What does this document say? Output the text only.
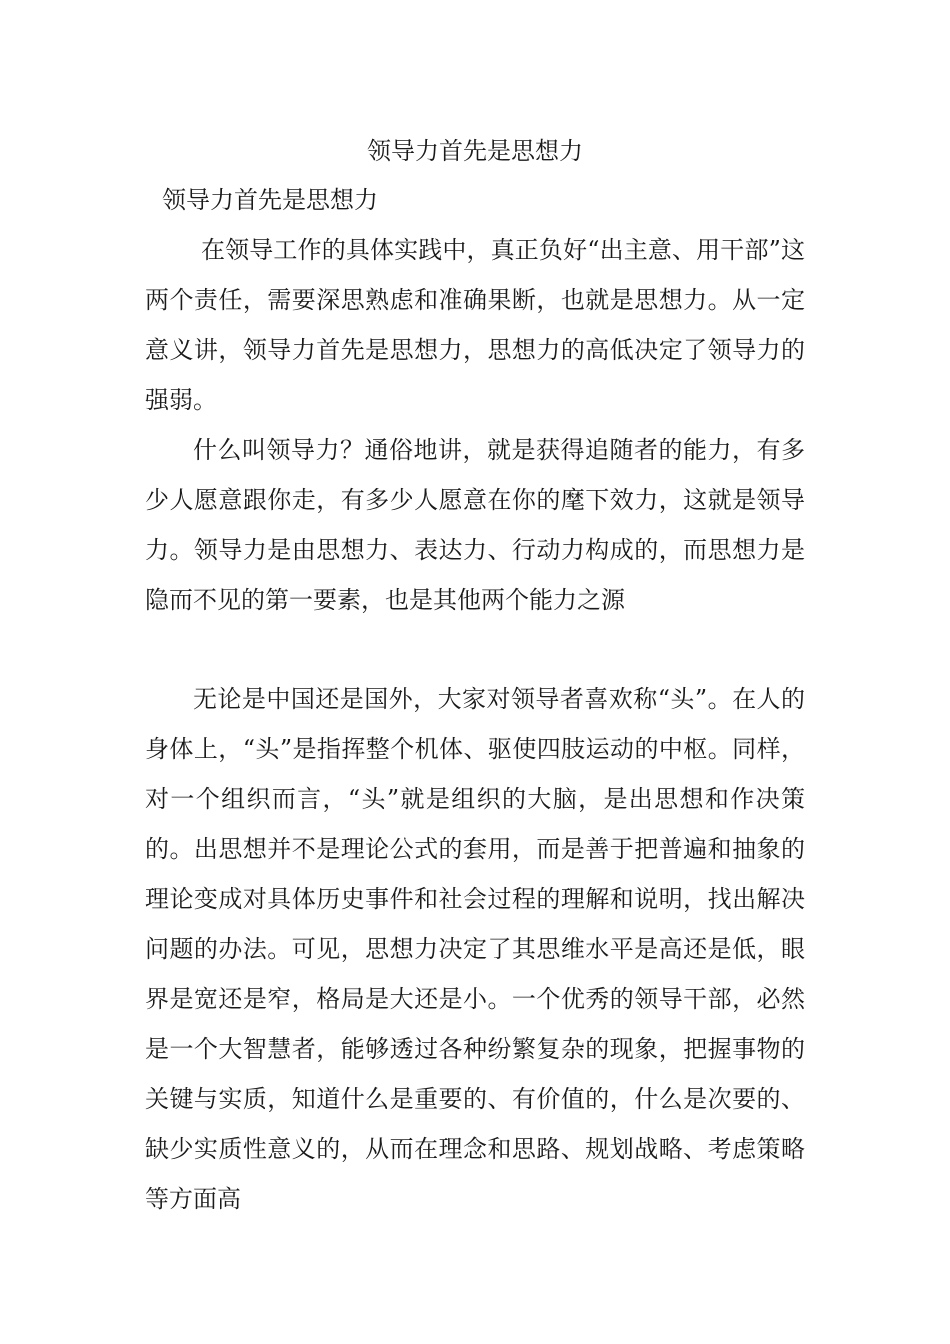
领导力首先是思想力
领导力首先是思想力

在领导工作的具体实践中，真正负好“出主意、用干部”这两个责任，需要深思熟虑和准确果断，也就是思想力。从一定意义讲，领导力首先是思想力，思想力的高低决定了领导力的强弱。

什么叫领导力？通俗地讲，就是获得追随者的能力，有多少人愿意跟你走，有多少人愿意在你的麾下效力，这就是领导力。领导力是由思想力、表达力、行动力构成的，而思想力是隐而不见的第一要素，也是其他两个能力之源

无论是中国还是国外，大家对领导者喜欢称“头”。在人的身体上，“头”是指挥整个机体、驱使四肢运动的中枢。同样，对一个组织而言，“头”就是组织的大脑，是出思想和作决策的。出思想并不是理论公式的套用，而是善于把普遍和抽象的理论变成对具体历史事件和社会过程的理解和说明，找出解决问题的办法。可见，思想力决定了其思维水平是高还是低，眼界是宽还是窄，格局是大还是小。一个优秀的领导干部，必然是一个大智慧者，能够透过各种纷繁复杂的现象，把握事物的关键与实质，知道什么是重要的、有价值的，什么是次要的、缺少实质性意义的，从而在理念和思路、规划战略、考虑策略等方面高
